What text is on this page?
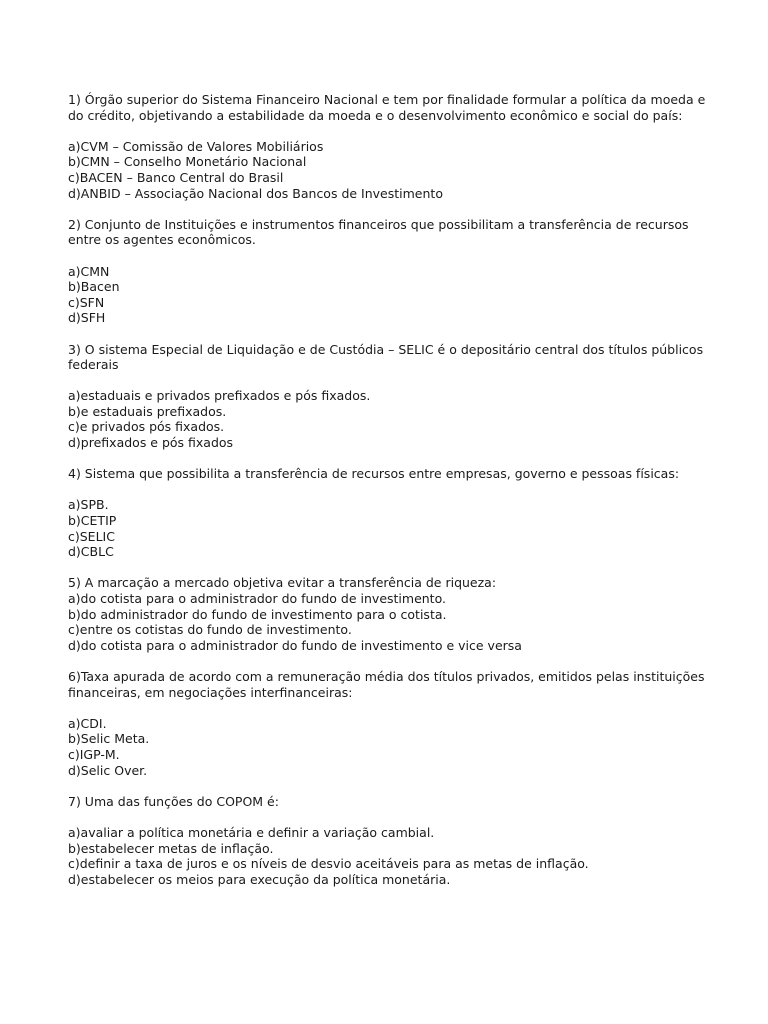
1) Órgão superior do Sistema Financeiro Nacional e tem por finalidade formular a política da moeda e do crédito, objetivando a estabilidade da moeda e o desenvolvimento econômico e social do país:
a)CVM – Comissão de Valores Mobiliários
b)CMN – Conselho Monetário Nacional
c)BACEN – Banco Central do Brasil
d)ANBID – Associação Nacional dos Bancos de Investimento
2) Conjunto de Instituições e instrumentos financeiros que possibilitam a transferência de recursos entre os agentes econômicos.
a)CMN
b)Bacen
c)SFN
d)SFH
3) O sistema Especial de Liquidação e de Custódia – SELIC é o depositário central dos títulos públicos federais
a)estaduais e privados prefixados e pós fixados.
b)e estaduais prefixados.
c)e privados pós fixados.
d)prefixados e pós fixados
4) Sistema que possibilita a transferência de recursos entre empresas, governo e pessoas físicas:
a)SPB.
b)CETIP
c)SELIC
d)CBLC
5) A marcação a mercado objetiva evitar a transferência de riqueza:
a)do cotista para o administrador do fundo de investimento.
b)do administrador do fundo de investimento para o cotista.
c)entre os cotistas do fundo de investimento.
d)do cotista para o administrador do fundo de investimento e vice versa
6)Taxa apurada de acordo com a remuneração média dos títulos privados, emitidos pelas instituições financeiras, em negociações interfinanceiras:
a)CDI.
b)Selic Meta.
c)IGP-M.
d)Selic Over.
7) Uma das funções do COPOM é:
a)avaliar a política monetária e definir a variação cambial.
b)estabelecer metas de inflação.
c)definir a taxa de juros e os níveis de desvio aceitáveis para as metas de inflação.
d)estabelecer os meios para execução da política monetária.
